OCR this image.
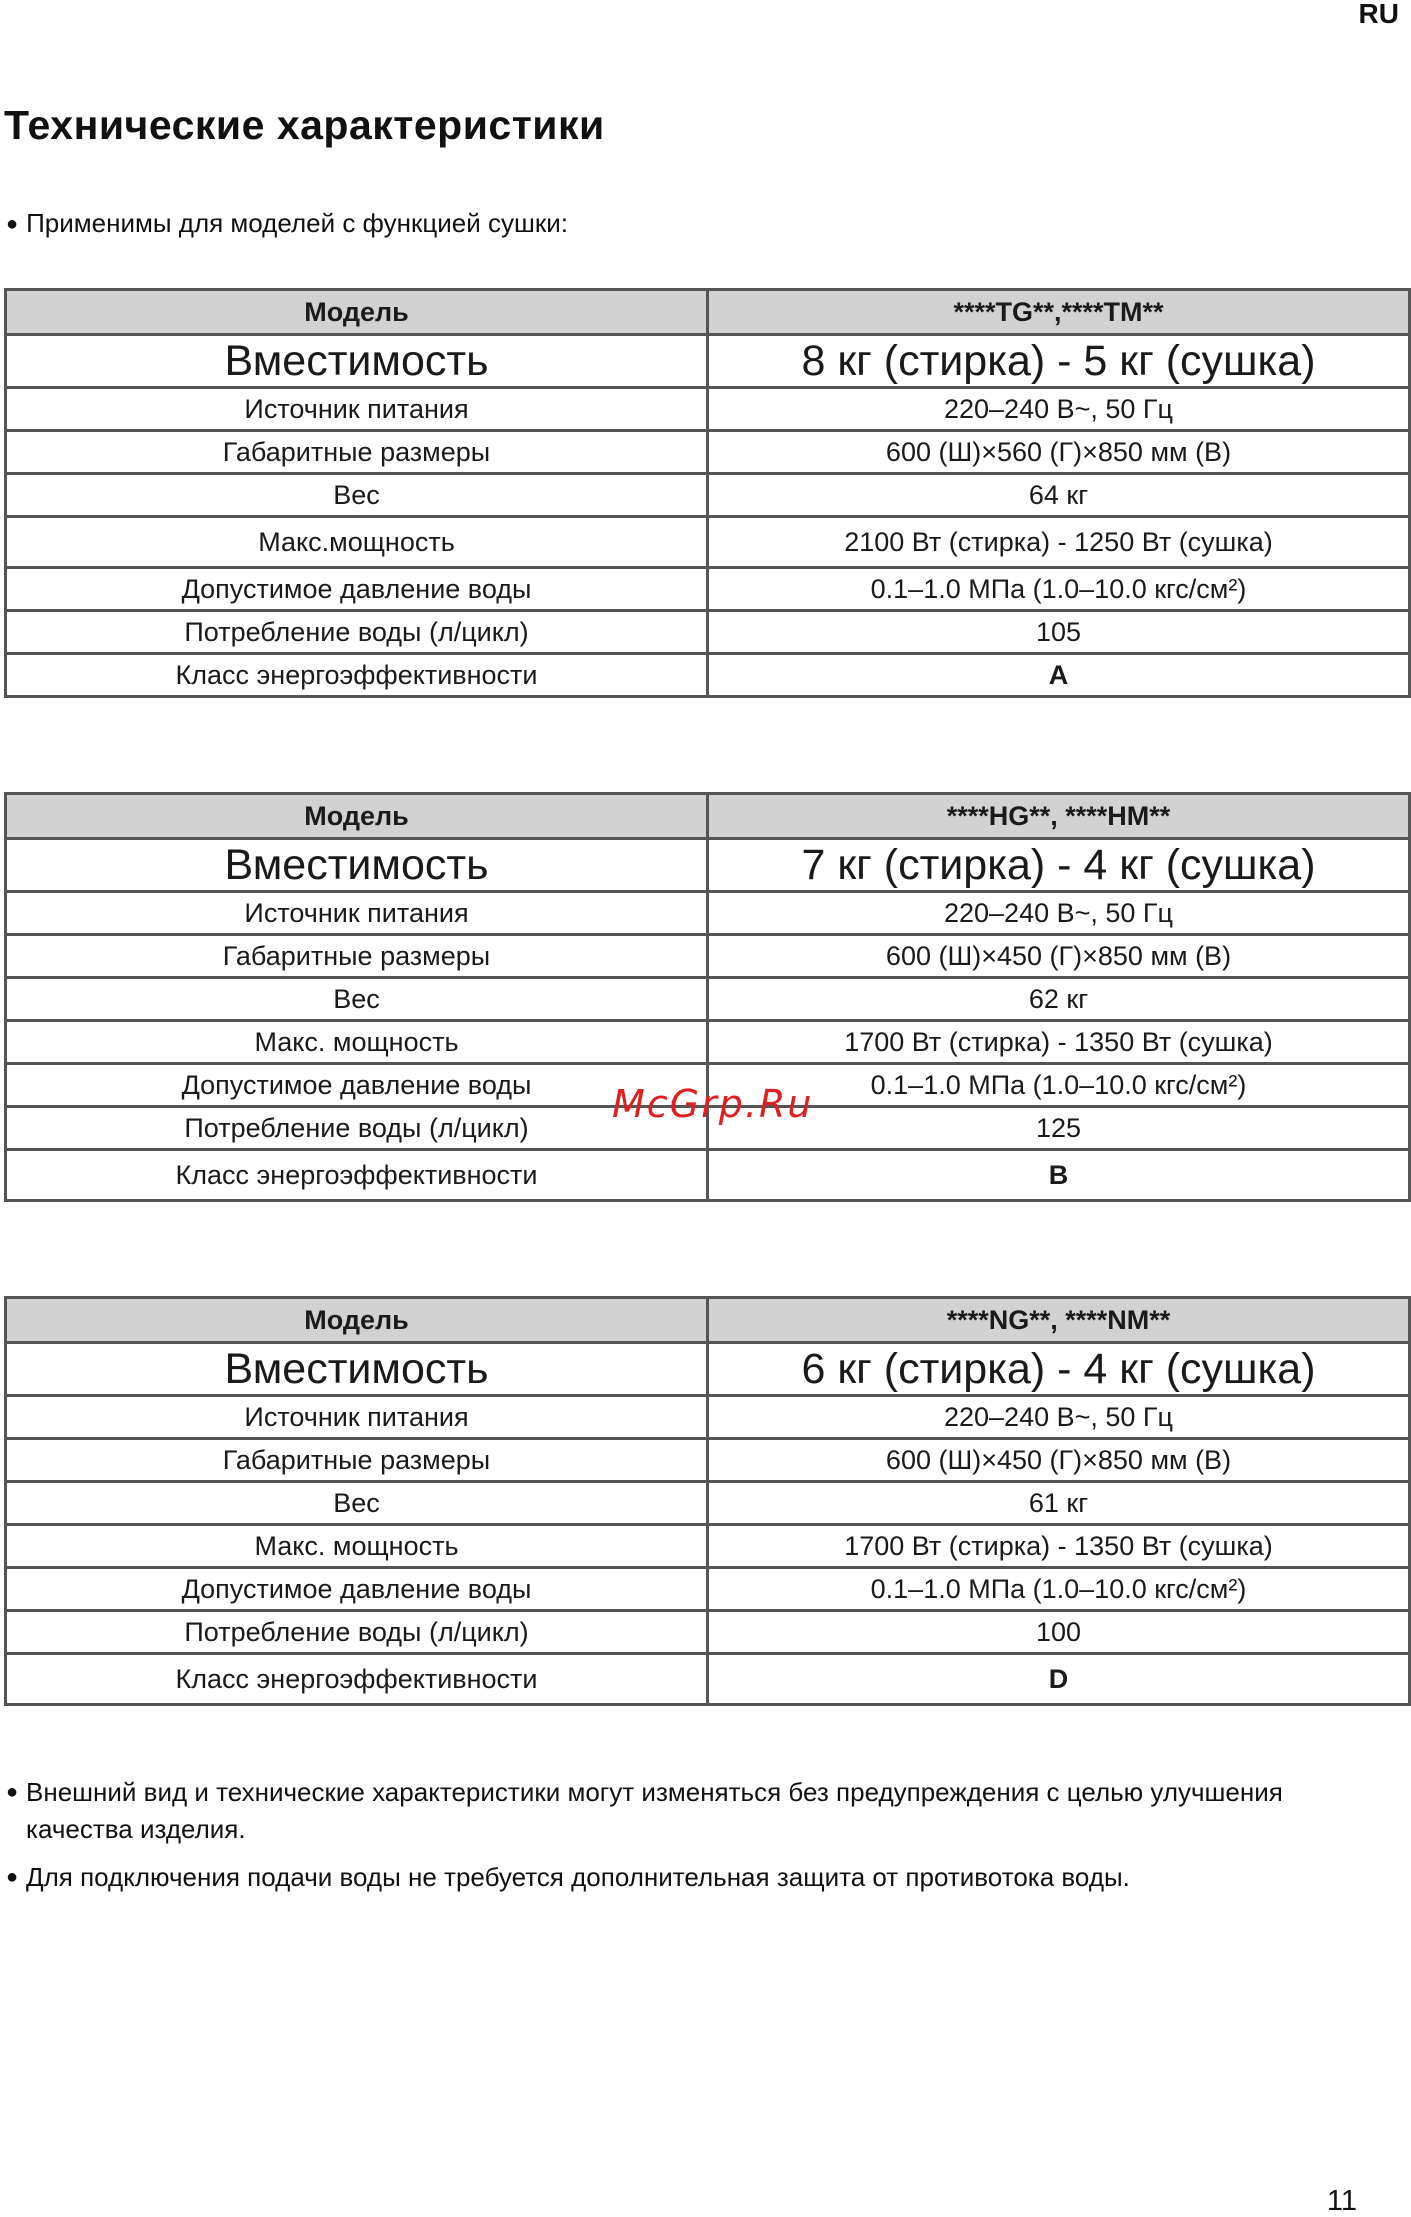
RU
Технические характеристики
● Применимы для моделей с функцией сушки:
Модель	****TG**,****TM**
Вместимость	8 кг (стирка) - 5 кг (сушка)
Источник питания	220–240 В~, 50 Гц
Габаритные размеры	600 (Ш)×560 (Г)×850 мм (В)
Вес	64 кг
Макс.мощность	2100 Вт (стирка) - 1250 Вт (сушка)
Допустимое давление воды	0.1–1.0 МПа (1.0–10.0 кгс/см²)
Потребление воды (л/цикл)	105
Класс энергоэффективности	A
Модель	****HG**, ****HM**
Вместимость	7 кг (стирка) - 4 кг (сушка)
Источник питания	220–240 В~, 50 Гц
Габаритные размеры	600 (Ш)×450 (Г)×850 мм (В)
Вес	62 кг
Макс. мощность	1700 Вт (стирка) - 1350 Вт (сушка)
Допустимое давление воды	0.1–1.0 МПа (1.0–10.0 кгс/см²)
Потребление воды (л/цикл)	125
Класс энергоэффективности	B
Модель	****NG**, ****NM**
Вместимость	6 кг (стирка) - 4 кг (сушка)
Источник питания	220–240 В~, 50 Гц
Габаритные размеры	600 (Ш)×450 (Г)×850 мм (В)
Вес	61 кг
Макс. мощность	1700 Вт (стирка) - 1350 Вт (сушка)
Допустимое давление воды	0.1–1.0 МПа (1.0–10.0 кгс/см²)
Потребление воды (л/цикл)	100
Класс энергоэффективности	D
McGrp.Ru
● Внешний вид и технические характеристики могут изменяться без предупреждения с целью улучшения качества изделия.
● Для подключения подачи воды не требуется дополнительная защита от противотока воды.
11
